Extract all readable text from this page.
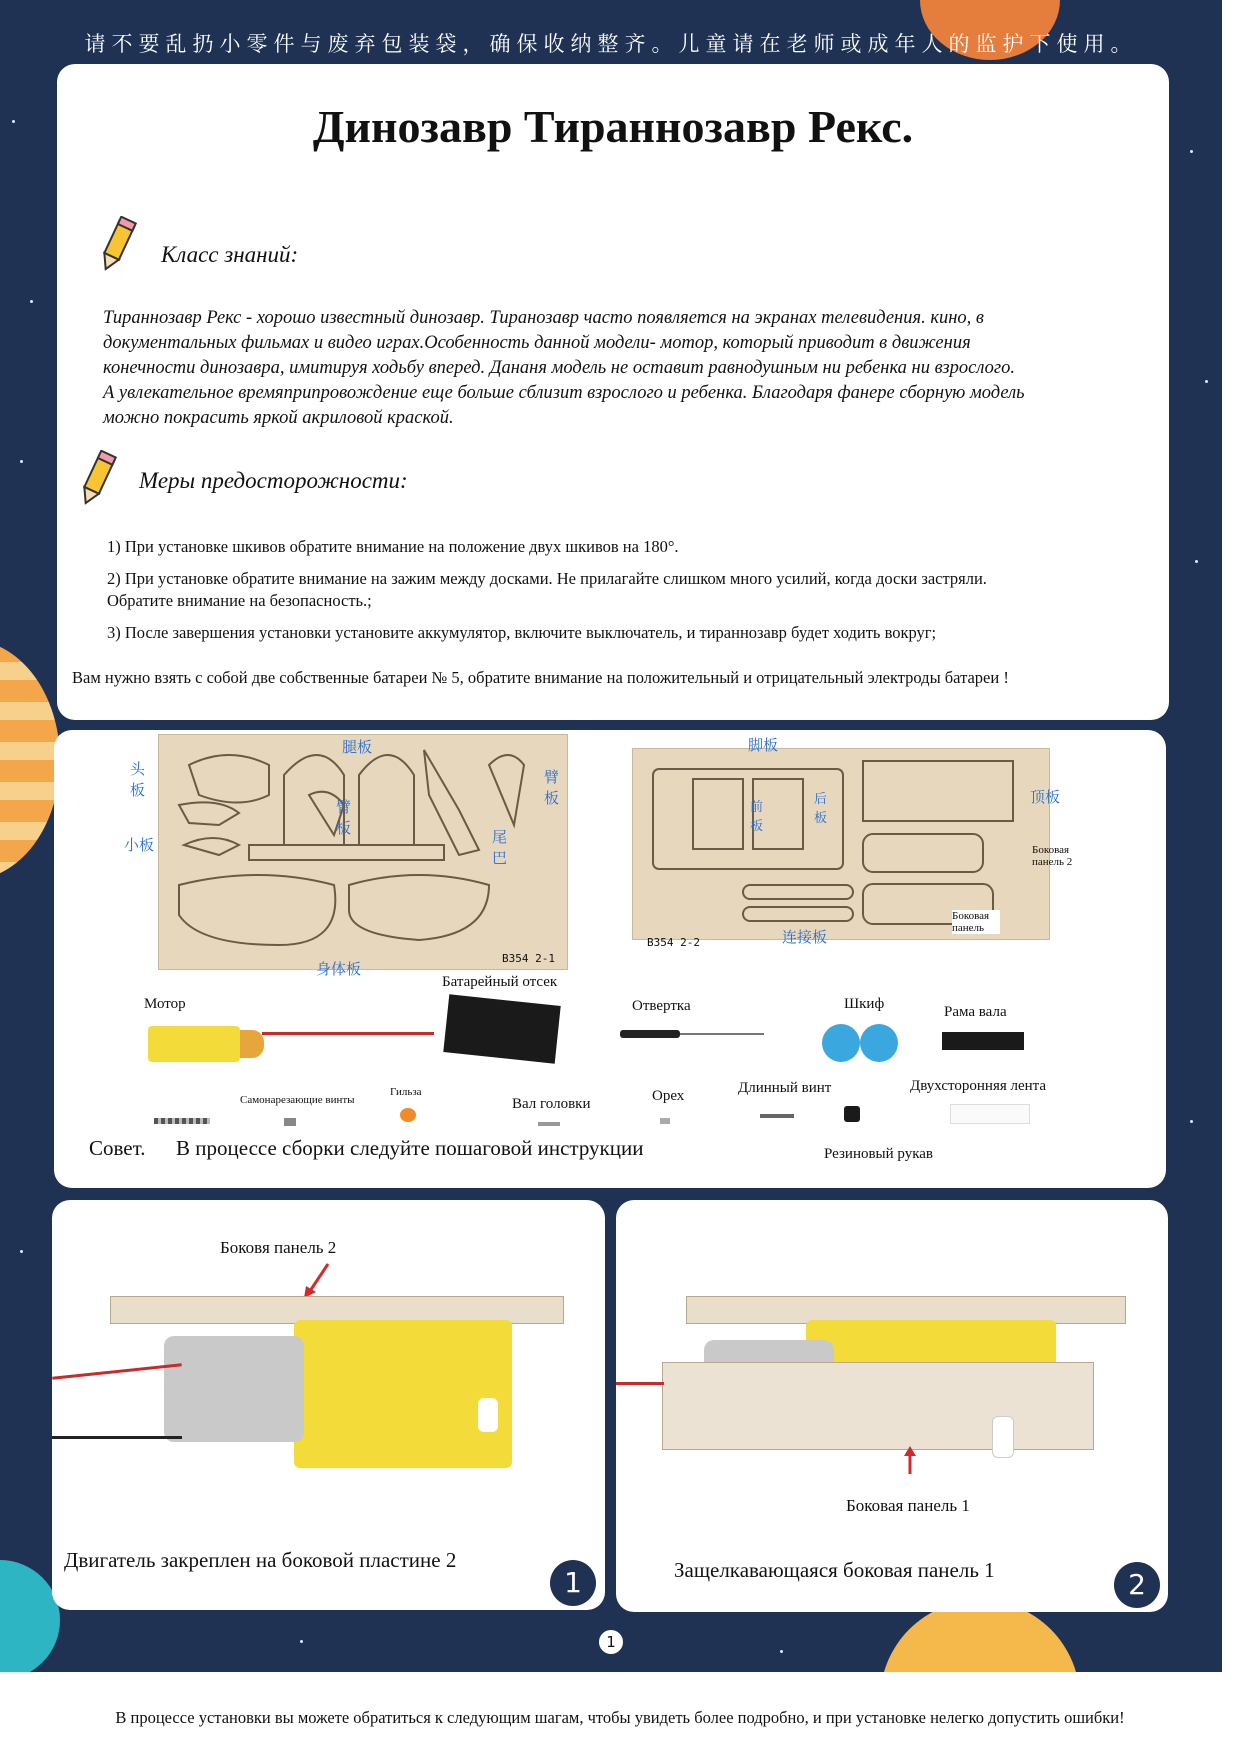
请不要乱扔小零件与废弃包装袋，确保收纳整齐。儿童请在老师或成年人的监护下使用。
Динозавр Тираннозавр Рекс.
Класс знаний:
Тираннозавр Рекс - хорошо известный динозавр. Тиранозавр часто появляется на экранах телевидения. кино, в
документальных фильмах и видео играх.Особенность данной модели- мотор, который приводит в движения
конечности динозавра, имитируя ходьбу вперед. Дананя модель не оставит равнодушным ни ребенка ни взрослого.
А увлекательное времяприпровождение еще больше сблизит взрослого и ребенка. Благодаря фанере сборную модель
можно покрасить яркой акриловой краской.
Меры предосторожности:
1) При установке шкивов обратите внимание на положение двух шкивов на 180°.
2) При установке обратите внимание на зажим между досками. Не прилагайте слишком много усилий, когда доски застряли.
Обратите внимание на безопасность.;
3) После завершения установки установите аккумулятор, включите выключатель, и тираннозавр будет ходить вокруг;
Вам нужно взять с собой две собственные батареи № 5, обратите внимание на положительный и отрицательный электроды батареи !
B354 2-1
头板
腿板
臂板
臂板
尾巴
小板
身体板
B354 2-2
脚板
顶板
前板
后板
连接板
Боковая панель 2
Боковая панель
Мотор
Батарейный отсек
Отвертка	Шкиф	Рама вала
Самонарезающие винты
Гильза
Вал головки	Орех	Длинный винт	Двухсторонняя лента
Резиновый рукав
Совет. В процессе сборки следуйте пошаговой инструкции
Боковя панель 2
Двигатель закреплен на боковой пластине 2
1
Боковая панель 1
Защелкавающаяся боковая панель 1	2
1
В процессе установки вы можете обратиться к следующим шагам, чтобы увидеть более подробно, и при установке нелегко допустить ошибки!
